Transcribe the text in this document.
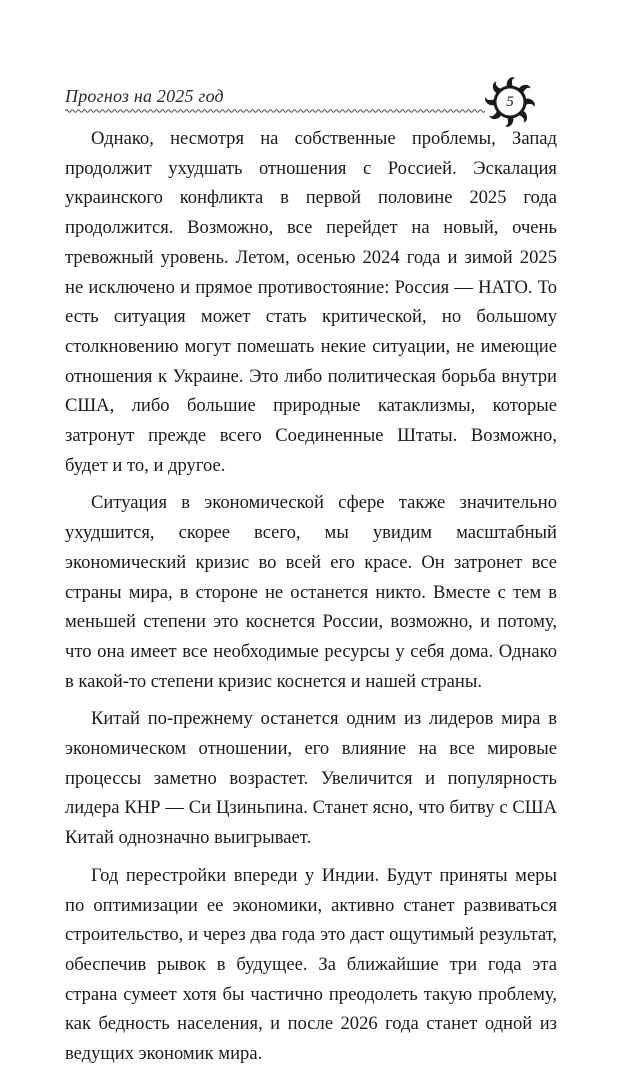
Прогноз на 2025 год	5

Однако, несмотря на собственные проблемы, Запад продолжит ухудшать отношения с Россией. Эскалация украинского конфликта в первой половине 2025 года продолжится. Возможно, все перейдет на новый, очень тревожный уровень. Летом, осенью 2024 года и зимой 2025 не исключено и прямое противостояние: Россия — НАТО. То есть ситуация может стать критической, но большому столкновению могут помешать некие ситуации, не имеющие отношения к Украине. Это либо политическая борьба внутри США, либо большие природные катаклизмы, которые затронут прежде всего Соединенные Штаты. Возможно, будет и то, и другое.

Ситуация в экономической сфере также значительно ухудшится, скорее всего, мы увидим масштабный экономический кризис во всей его красе. Он затронет все страны мира, в стороне не останется никто. Вместе с тем в меньшей степени это коснется России, возможно, и потому, что она имеет все необходимые ресурсы у себя дома. Однако в какой-то степени кризис коснется и нашей страны.

Китай по-прежнему останется одним из лидеров мира в экономическом отношении, его влияние на все мировые процессы заметно возрастет. Увеличится и популярность лидера КНР — Си Цзиньпина. Станет ясно, что битву с США Китай однозначно выигрывает.

Год перестройки впереди у Индии. Будут приняты меры по оптимизации ее экономики, активно станет развиваться строительство, и через два года это даст ощутимый результат, обеспечив рывок в будущее. За ближайшие три года эта страна сумеет хотя бы частично преодолеть такую проблему, как бедность населения, и после 2026 года станет одной из ведущих экономик мира.
